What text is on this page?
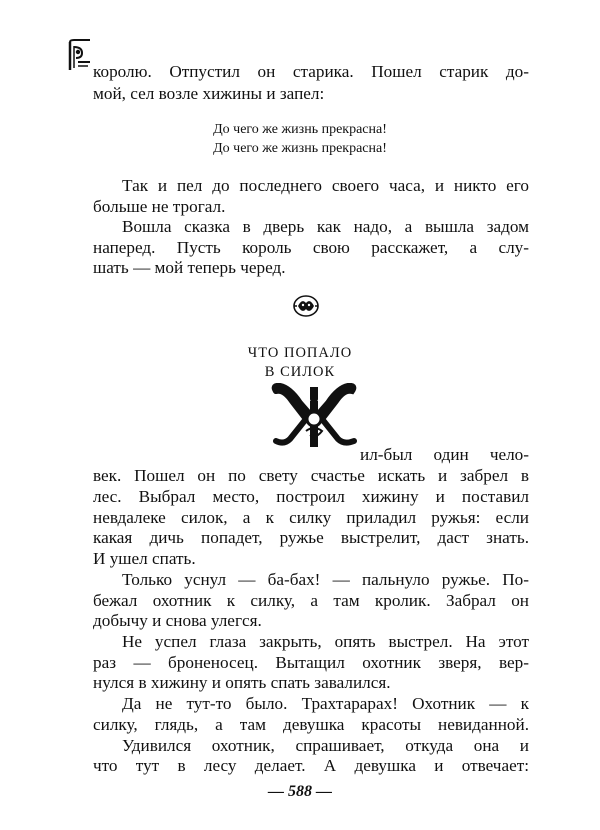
королю. Отпустил он старика. Пошел старик до-
мой, сел возле хижины и запел:
До чего же жизнь прекрасна!
До чего же жизнь прекрасна!
Так и пел до последнего своего часа, и никто его
больше не трогал.
Вошла сказка в дверь как надо, а вышла задом
наперед. Пусть король свою расскажет, а слу-
шать — мой теперь черед.
ЧТО ПОПАЛО
В СИЛОК
Ж
ил-был один чело-
век. Пошел он по свету счастье искать и забрел в
лес. Выбрал место, построил хижину и поставил
невдалеке силок, а к силку приладил ружья: если
какая дичь попадет, ружье выстрелит, даст знать.
И ушел спать.
Только уснул — ба-бах! — пальнуло ружье. По-
бежал охотник к силку, а там кролик. Забрал он
добычу и снова улегся.
Не успел глаза закрыть, опять выстрел. На этот
раз — броненосец. Вытащил охотник зверя, вер-
нулся в хижину и опять спать завалился.
Да не тут-то было. Трахтарарах! Охотник — к
силку, глядь, а там девушка красоты невиданной.
Удивился охотник, спрашивает, откуда она и
что тут в лесу делает. А девушка и отвечает:
— 588 —
